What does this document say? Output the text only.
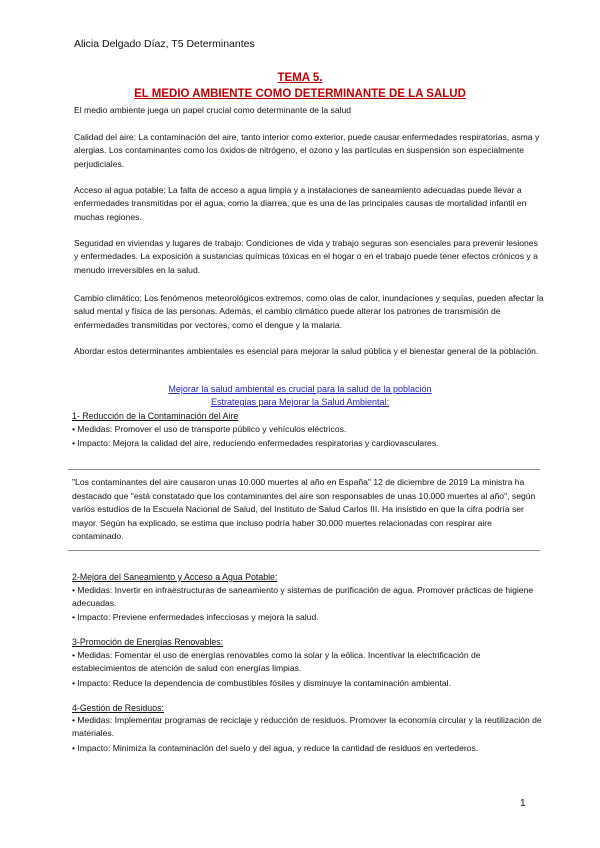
Alicia Delgado Díaz, T5 Determinantes
TEMA 5.
EL MEDIO AMBIENTE COMO DETERMINANTE DE LA SALUD
El medio ambiente juega un papel crucial como determinante de la salud
Calidad del aire: La contaminación del aire, tanto interior como exterior, puede causar enfermedades respiratorias, asma y alergias. Los contaminantes como los óxidos de nitrógeno, el ozono y las partículas en suspensión son especialmente perjudiciales.
Acceso al agua potable: La falta de acceso a agua limpia y a instalaciones de saneamiento adecuadas puede llevar a enfermedades transmitidas por el agua, como la diarrea, que es una de las principales causas de mortalidad infantil en muchas regiones.
Seguridad en viviendas y lugares de trabajo: Condiciones de vida y trabajo seguras son esenciales para prevenir lesiones y enfermedades. La exposición a sustancias químicas tóxicas en el hogar o en el trabajo puede tener efectos crónicos y a menudo irreversibles en la salud.
Cambio climático: Los fenómenos meteorológicos extremos, como olas de calor, inundaciones y sequías, pueden afectar la salud mental y física de las personas. Además, el cambio climático puede alterar los patrones de transmisión de enfermedades transmitidas por vectores, como el dengue y la malaria.
Abordar estos determinantes ambientales es esencial para mejorar la salud pública y el bienestar general de la población.
Mejorar la salud ambiental es crucial para la salud de la población
Estrategias para Mejorar la Salud Ambiental:
1- Reducción de la Contaminación del Aire
• Medidas: Promover el uso de transporte público y vehículos eléctricos.
• Impacto: Mejora la calidad del aire, reduciendo enfermedades respiratorias y cardiovasculares.
"Los contaminantes del aire causaron unas 10.000 muertes al año en España" 12 de diciembre de 2019 La ministra ha destacado que "está constatado que los contaminantes del aire son responsables de unas 10.000 muertes al año", según varios estudios de la Escuela Nacional de Salud, del Instituto de Salud Carlos III. Ha insistido en que la cifra podría ser mayor. Según ha explicado, se estima que incluso podría haber 30.000 muertes relacionadas con respirar aire contaminado.
2-Mejora del Saneamiento y Acceso a Agua Potable:
• Medidas: Invertir en infraestructuras de saneamiento y sistemas de purificación de agua. Promover prácticas de higiene adecuadas.
• Impacto: Previene enfermedades infecciosas y mejora la salud.
3-Promoción de Energías Renovables:
• Medidas: Fomentar el uso de energías renovables como la solar y la eólica. Incentivar la electrificación de establecimientos de atención de salud con energías limpias.
• Impacto: Reduce la dependencia de combustibles fósiles y disminuye la contaminación ambiental.
4-Gestión de Residuos:
• Medidas: Implementar programas de reciclaje y reducción de residuos. Promover la economía circular y la reutilización de materiales.
• Impacto: Minimiza la contaminación del suelo y del agua, y reduce la cantidad de residuos en vertederos.
1
